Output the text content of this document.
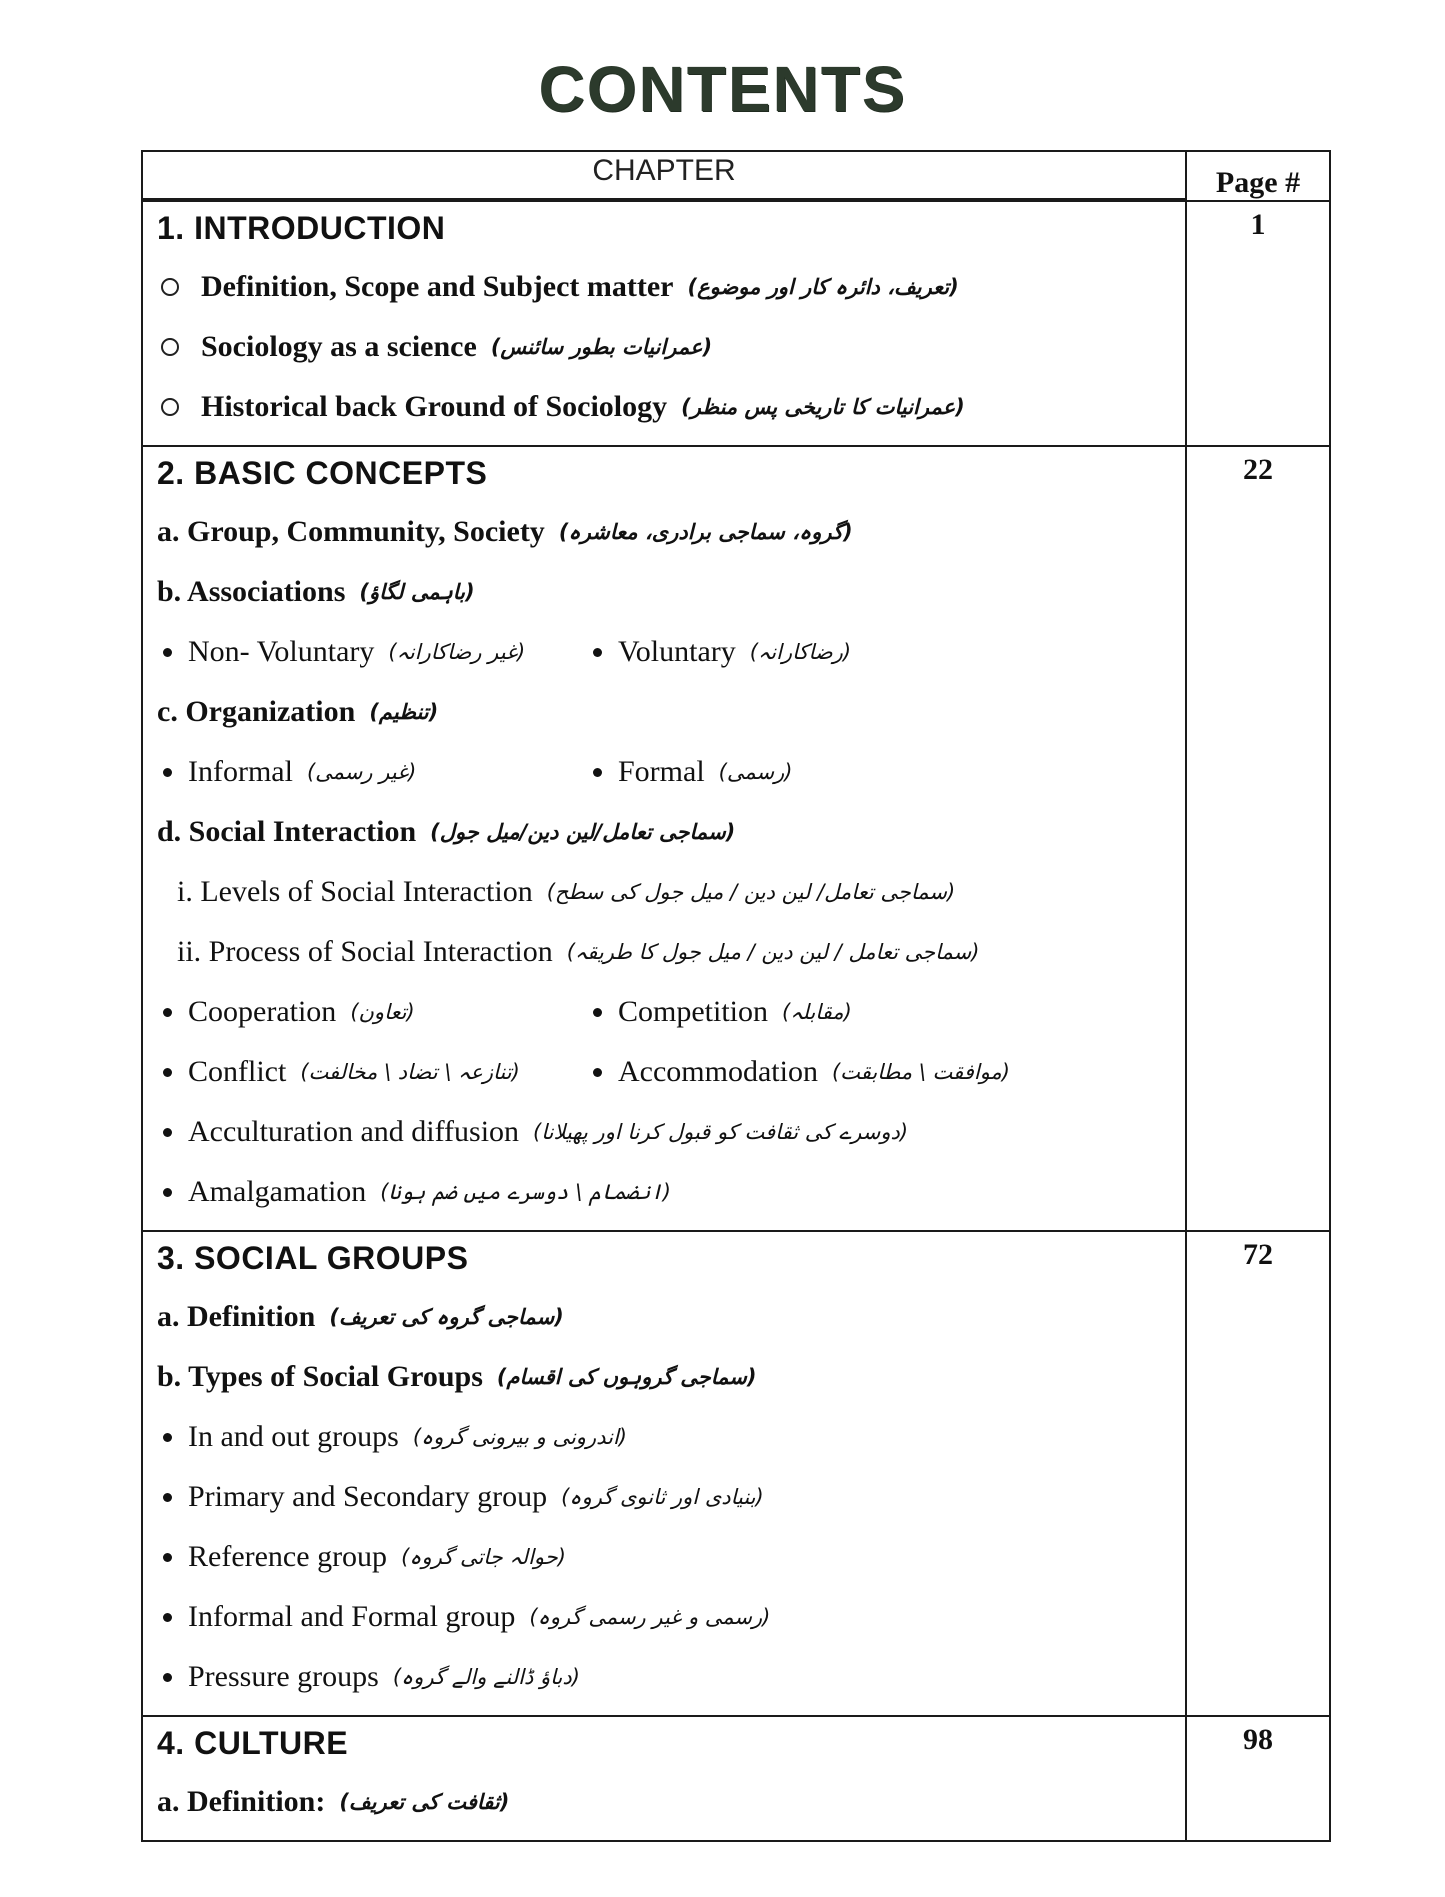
CONTENTS
CHAPTER	Page #

1. INTRODUCTION
Definition, Scope and Subject matter (تعریف، دائرہ کار اور موضوع)
Sociology as a science (عمرانیات بطور سائنس)
Historical back Ground of Sociology (عمرانیات کا تاریخی پس منظر)
	1

2. BASIC CONCEPTS
a. Group, Community, Society (گروہ، سماجی برادری، معاشرہ)
b. Associations (باہمی لگاؤ)
Non- Voluntary (غیر رضاکارانہ)	Voluntary (رضاکارانہ)
c. Organization (تنظیم)
Informal (غیر رسمی)	Formal (رسمی)
d. Social Interaction (سماجی تعامل/لین دین/میل جول)
i. Levels of Social Interaction (سماجی تعامل/ لین دین / میل جول کی سطح)
ii. Process of Social Interaction (سماجی تعامل / لین دین / میل جول کا طریقہ)
Cooperation (تعاون)	Competition (مقابلہ)
Conflict (تنازعہ \ تضاد \ مخالفت)	Accommodation (موافقت \ مطابقت)
Acculturation and diffusion (دوسرے کی ثقافت کو قبول کرنا اور پھیلانا)
Amalgamation (انضمام \ دوسرے میں ضم ہونا)
	22

3. SOCIAL GROUPS
a. Definition (سماجی گروہ کی تعریف)
b. Types of Social Groups (سماجی گروہوں کی اقسام)
In and out groups (اندرونی و بیرونی گروہ)
Primary and Secondary group (بنیادی اور ثانوی گروہ)
Reference group (حوالہ جاتی گروہ)
Informal and Formal group (رسمی و غیر رسمی گروہ)
Pressure groups (دباؤ ڈالنے والے گروہ)
	72

4. CULTURE
a. Definition: (ثقافت کی تعریف)	98
